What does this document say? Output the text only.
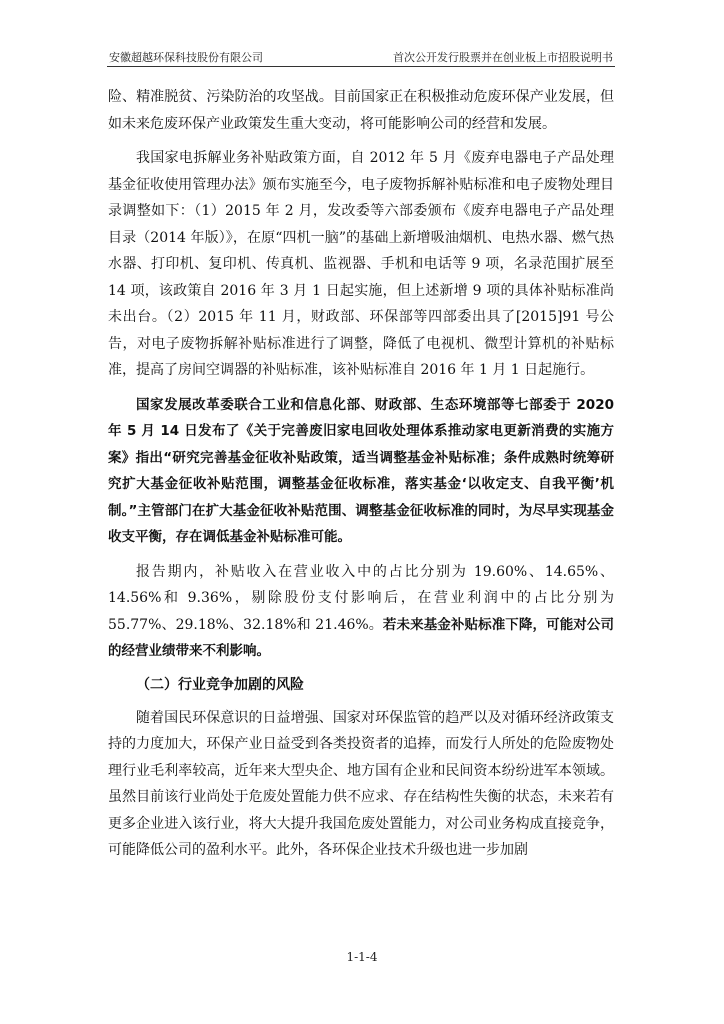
安徽超越环保科技股份有限公司	首次公开发行股票并在创业板上市招股说明书

险、精准脱贫、污染防治的攻坚战。目前国家正在积极推动危废环保产业发展，但如未来危废环保产业政策发生重大变动，将可能影响公司的经营和发展。

我国家电拆解业务补贴政策方面，自 2012 年 5 月《废弃电器电子产品处理基金征收使用管理办法》颁布实施至今，电子废物拆解补贴标准和电子废物处理目录调整如下：（1）2015 年 2 月，发改委等六部委颁布《废弃电器电子产品处理目录（2014 年版）》，在原“四机一脑”的基础上新增吸油烟机、电热水器、燃气热水器、打印机、复印机、传真机、监视器、手机和电话等 9 项，名录范围扩展至 14 项，该政策自 2016 年 3 月 1 日起实施，但上述新增 9 项的具体补贴标准尚未出台。（2）2015 年 11 月，财政部、环保部等四部委出具了[2015]91 号公告，对电子废物拆解补贴标准进行了调整，降低了电视机、微型计算机的补贴标准，提高了房间空调器的补贴标准，该补贴标准自 2016 年 1 月 1 日起施行。

国家发展改革委联合工业和信息化部、财政部、生态环境部等七部委于 2020 年 5 月 14 日发布了《关于完善废旧家电回收处理体系推动家电更新消费的实施方案》指出“研究完善基金征收补贴政策，适当调整基金补贴标准；条件成熟时统筹研究扩大基金征收补贴范围，调整基金征收标准，落实基金‘以收定支、自我平衡’机制。”主管部门在扩大基金征收补贴范围、调整基金征收标准的同时，为尽早实现基金收支平衡，存在调低基金补贴标准可能。

报告期内，补贴收入在营业收入中的占比分别为 19.60%、14.65%、14.56%和 9.36%，剔除股份支付影响后，在营业利润中的占比分别为 55.77%、29.18%、32.18%和 21.46%。若未来基金补贴标准下降，可能对公司的经营业绩带来不利影响。

（二）行业竞争加剧的风险

随着国民环保意识的日益增强、国家对环保监管的趋严以及对循环经济政策支持的力度加大，环保产业日益受到各类投资者的追捧，而发行人所处的危险废物处理行业毛利率较高，近年来大型央企、地方国有企业和民间资本纷纷进军本领域。虽然目前该行业尚处于危废处置能力供不应求、存在结构性失衡的状态，未来若有更多企业进入该行业，将大大提升我国危废处置能力，对公司业务构成直接竞争，可能降低公司的盈利水平。此外，各环保企业技术升级也进一步加剧

1-1-4
